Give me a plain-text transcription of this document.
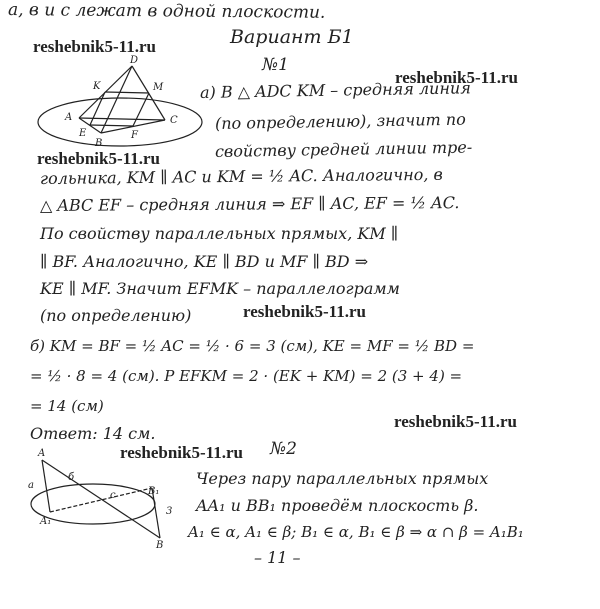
а, в и с лежат в одной плоскости.
Вариант Б1
№1
D
K	M
A	C
E
B
F
а) В △ ADC KM – средняя линия
(по определению), значит по
свойству средней линии тре-
гольника, KM ∥ AC и KM = ½ AC. Аналогично, в
△ ABC EF – средняя линия ⇒ EF ∥ AC, EF = ½ AC.
По свойству параллельных прямых, KM ∥
∥ BF. Аналогично, KE ∥ BD и MF ∥ BD ⇒
KE ∥ MF. Значит EFMK – параллелограмм
(по определению)
б) KM = BF = ½ AC = ½ · 6 = 3 (см), KE = MF = ½ BD =
= ½ · 8 = 4 (см). P EFKM = 2 · (EK + KM) = 2 (3 + 4) =
= 14 (см)
Ответ: 14 см.
№2
A
a
б
c	B₁
A₁
3
B
Через пару параллельных прямых
AA₁ и BB₁ проведём плоскость β.
A₁ ∈ α, A₁ ∈ β; B₁ ∈ α, B₁ ∈ β ⇒ α ∩ β = A₁B₁
– 11 –
reshebnik5-11.ru
reshebnik5-11.ru
reshebnik5-11.ru
reshebnik5-11.ru
reshebnik5-11.ru
reshebnik5-11.ru
